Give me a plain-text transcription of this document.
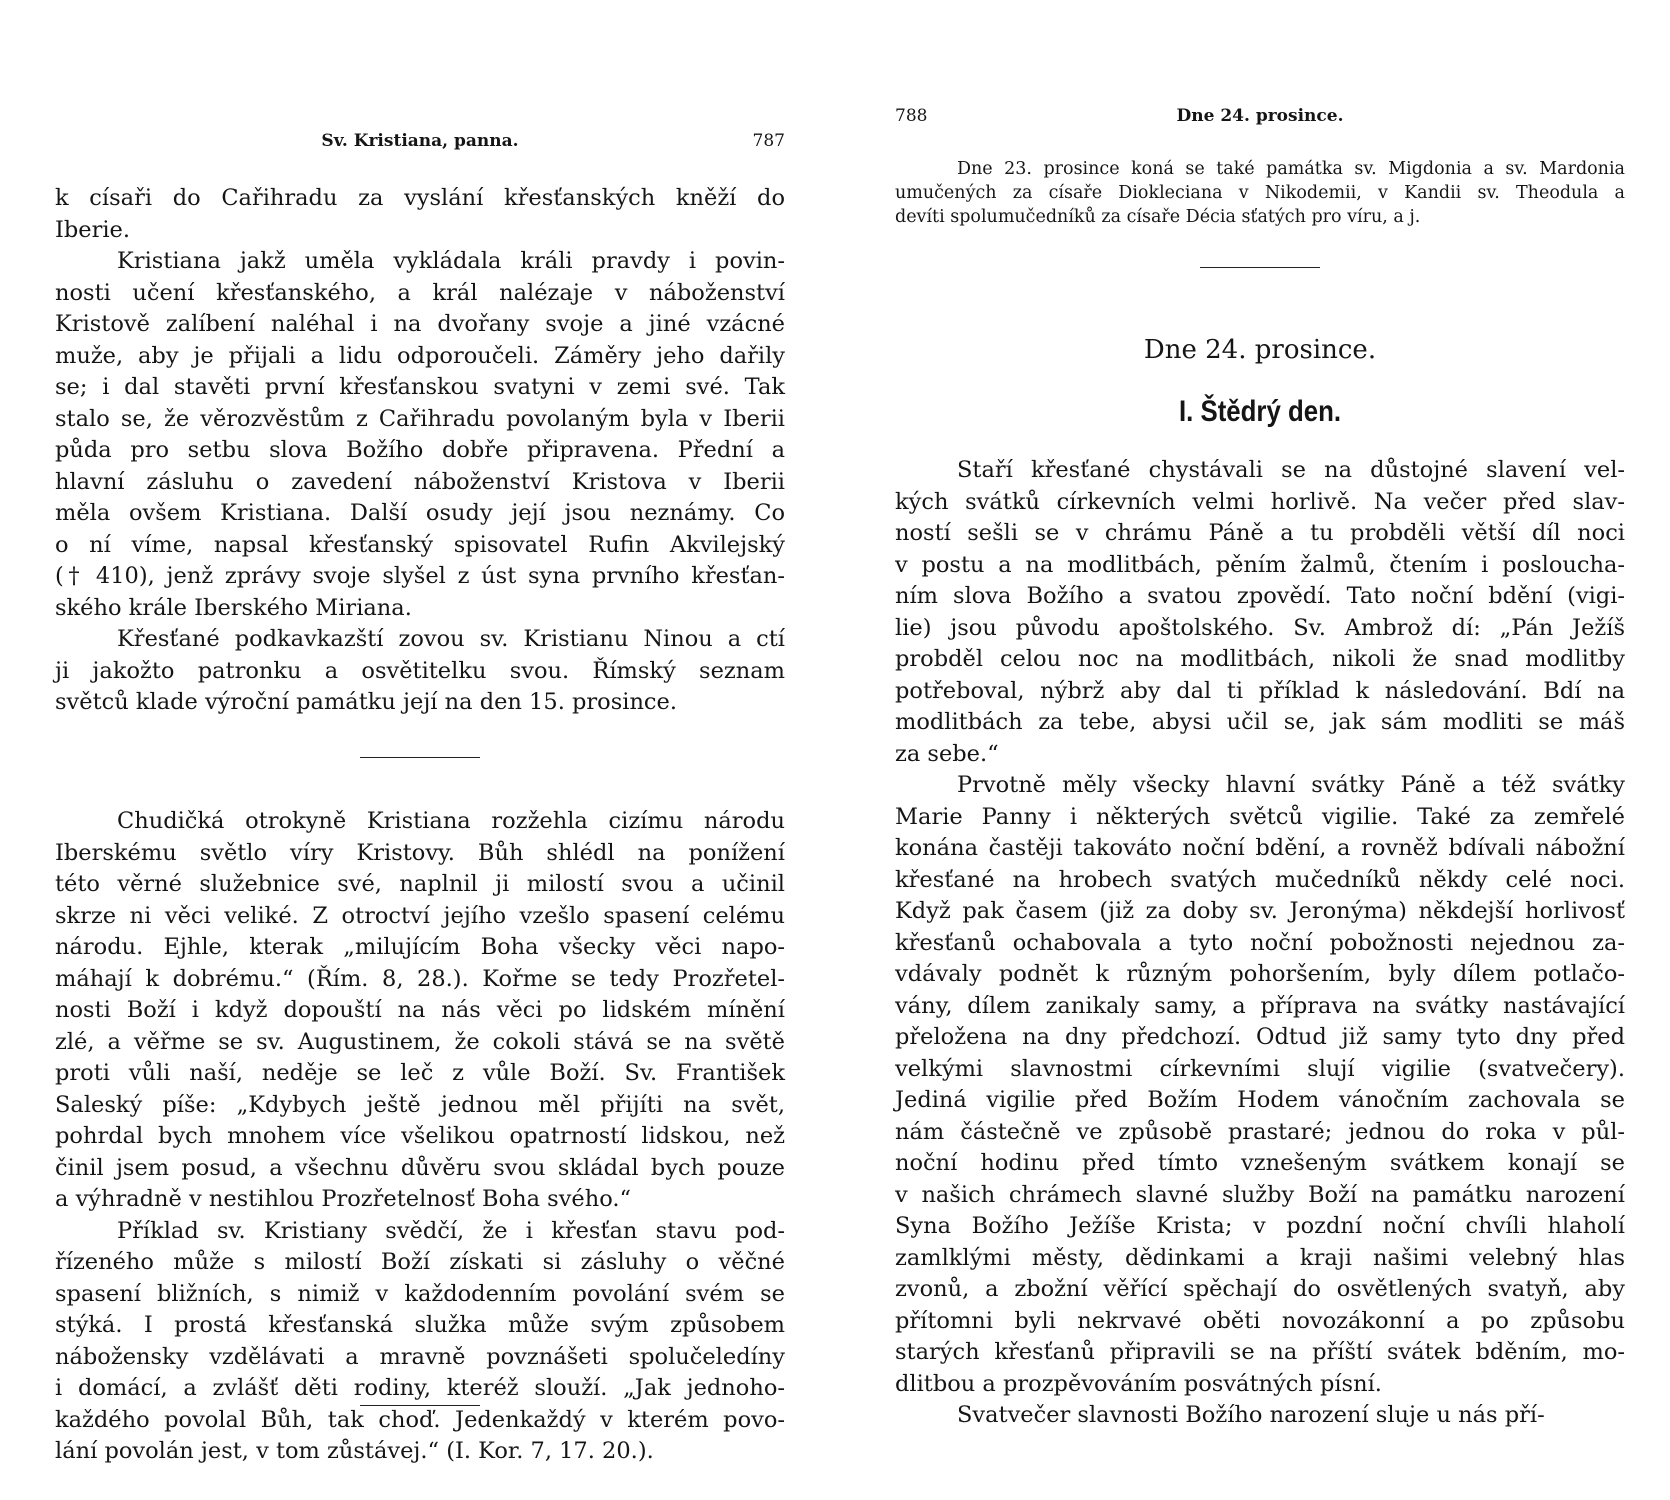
Sv. Kristiana, panna.	787
k císaři do Cařihradu za vyslání křesťanských kněží do
Iberie.
Kristiana jakž uměla vykládala králi pravdy i povin-
nosti učení křesťanského, a král nalézaje v náboženství
Kristově zalíbení naléhal i na dvořany svoje a jiné vzácné
muže, aby je přijali a lidu odporoučeli. Záměry jeho dařily
se; i dal stavěti první křesťanskou svatyni v zemi své. Tak
stalo se, že věrozvěstům z Cařihradu povolaným byla v Iberii
půda pro setbu slova Božího dobře připravena. Přední a
hlavní zásluhu o zavedení náboženství Kristova v Iberii
měla ovšem Kristiana. Další osudy její jsou neznámy. Co
o ní víme, napsal křesťanský spisovatel Rufin Akvilejský
(† 410), jenž zprávy svoje slyšel z úst syna prvního křesťan-
ského krále Iberského Miriana.
Křesťané podkavkazští zovou sv. Kristianu Ninou a ctí
ji jakožto patronku a osvětitelku svou. Římský seznam
světců klade výroční památku její na den 15. prosince.
Chudičká otrokyně Kristiana rozžehla cizímu národu
Iberskému světlo víry Kristovy. Bůh shlédl na ponížení
této věrné služebnice své, naplnil ji milostí svou a učinil
skrze ni věci veliké. Z otroctví jejího vzešlo spasení celému
národu. Ejhle, kterak „milujícím Boha všecky věci napo-
máhají k dobrému.“ (Řím. 8, 28.). Kořme se tedy Prozřetel-
nosti Boží i když dopouští na nás věci po lidském mínění
zlé, a věřme se sv. Augustinem, že cokoli stává se na světě
proti vůli naší, neděje se leč z vůle Boží. Sv. František
Saleský píše: „Kdybych ještě jednou měl přijíti na svět,
pohrdal bych mnohem více všelikou opatrností lidskou, než
činil jsem posud, a všechnu důvěru svou skládal bych pouze
a výhradně v nestihlou Prozřetelnosť Boha svého.“
Příklad sv. Kristiany svědčí, že i křesťan stavu pod-
řízeného může s milostí Boží získati si zásluhy o věčné
spasení bližních, s nimiž v každodenním povolání svém se
stýká. I prostá křesťanská služka může svým způsobem
nábožensky vzdělávati a mravně povznášeti spolučeledíny
i domácí, a zvlášť děti rodiny, kteréž slouží. „Jak jednoho-
každého povolal Bůh, tak choď. Jedenkaždý v kterém povo-
lání povolán jest, v tom zůstávej.“ (I. Kor. 7, 17. 20.).
788	Dne 24. prosince.
Dne 23. prosince koná se také památka sv. Migdonia a sv. Mardonia
umučených za císaře Diokleciana v Nikodemii, v Kandii sv. Theodula a
devíti spolumučedníků za císaře Décia sťatých pro víru, a j.
Dne 24. prosince.
I. Štědrý den.
Staří křesťané chystávali se na důstojné slavení vel-
kých svátků církevních velmi horlivě. Na večer před slav-
ností sešli se v chrámu Páně a tu probděli větší díl noci
v postu a na modlitbách, pěním žalmů, čtením i posloucha-
ním slova Božího a svatou zpovědí. Tato noční bdění (vigi-
lie) jsou původu apoštolského. Sv. Ambrož dí: „Pán Ježíš
probděl celou noc na modlitbách, nikoli že snad modlitby
potřeboval, nýbrž aby dal ti příklad k následování. Bdí na
modlitbách za tebe, abysi učil se, jak sám modliti se máš
za sebe.“
Prvotně měly všecky hlavní svátky Páně a též svátky
Marie Panny i některých světců vigilie. Také za zemřelé
konána častěji takováto noční bdění, a rovněž bdívali nábožní
křesťané na hrobech svatých mučedníků někdy celé noci.
Když pak časem (již za doby sv. Jeronýma) někdejší horlivosť
křesťanů ochabovala a tyto noční pobožnosti nejednou za-
vdávaly podnět k různým pohoršením, byly dílem potlačo-
vány, dílem zanikaly samy, a příprava na svátky nastávající
přeložena na dny předchozí. Odtud již samy tyto dny před
velkými slavnostmi církevními slují vigilie (svatvečery).
Jediná vigilie před Božím Hodem vánočním zachovala se
nám částečně ve způsobě prastaré; jednou do roka v půl-
noční hodinu před tímto vznešeným svátkem konají se
v našich chrámech slavné služby Boží na památku narození
Syna Božího Ježíše Krista; v pozdní noční chvíli hlaholí
zamlklými městy, dědinkami a kraji našimi velebný hlas
zvonů, a zbožní věřící spěchají do osvětlených svatyň, aby
přítomni byli nekrvavé oběti novozákonní a po způsobu
starých křesťanů připravili se na příští svátek bděním, mo-
dlitbou a prozpěvováním posvátných písní.
Svatvečer slavnosti Božího narození sluje u nás pří-
